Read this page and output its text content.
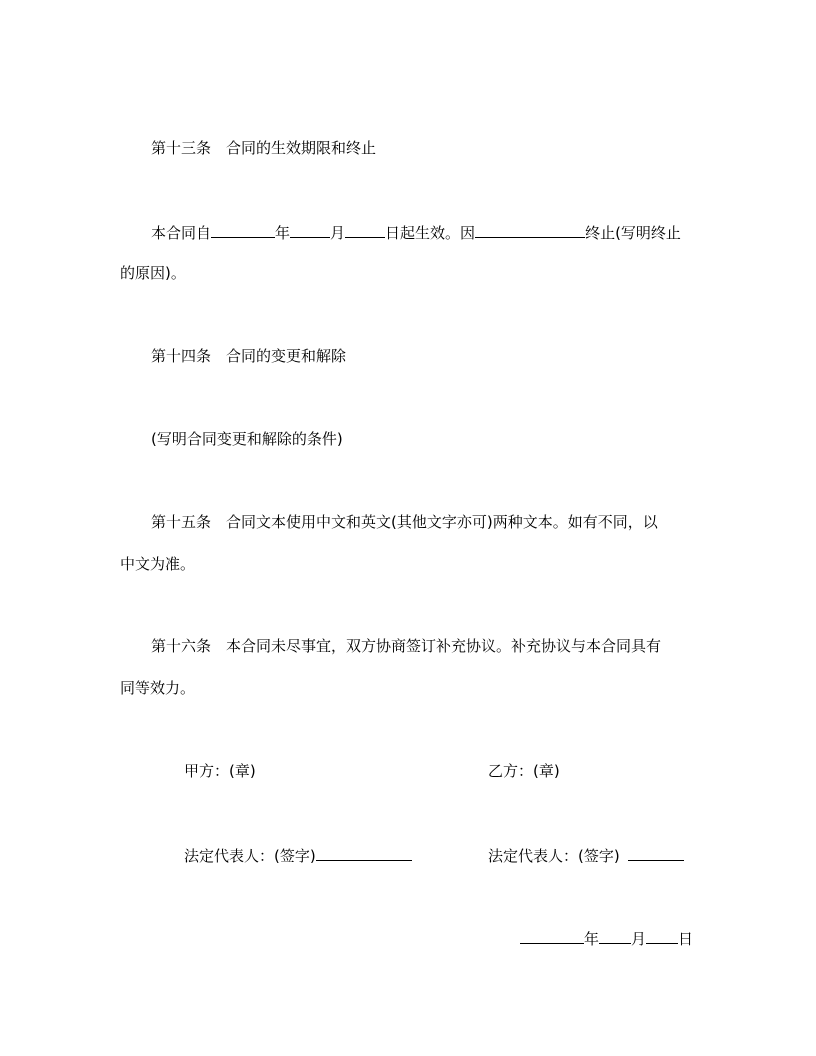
第十三条 合同的生效期限和终止
本合同自	年	月	日起生效。因	终止(写明终止
的原因)。
第十四条 合同的变更和解除
(写明合同变更和解除的条件)
第十五条 合同文本使用中文和英文(其他文字亦可)两种文本。如有不同，以
中文为准。
第十六条 本合同未尽事宜，双方协商签订补充协议。补充协议与本合同具有
同等效力。
甲方：(章)	乙方：(章)
法定代表人：(签字)	法定代表人：(签字)
年 月 日
